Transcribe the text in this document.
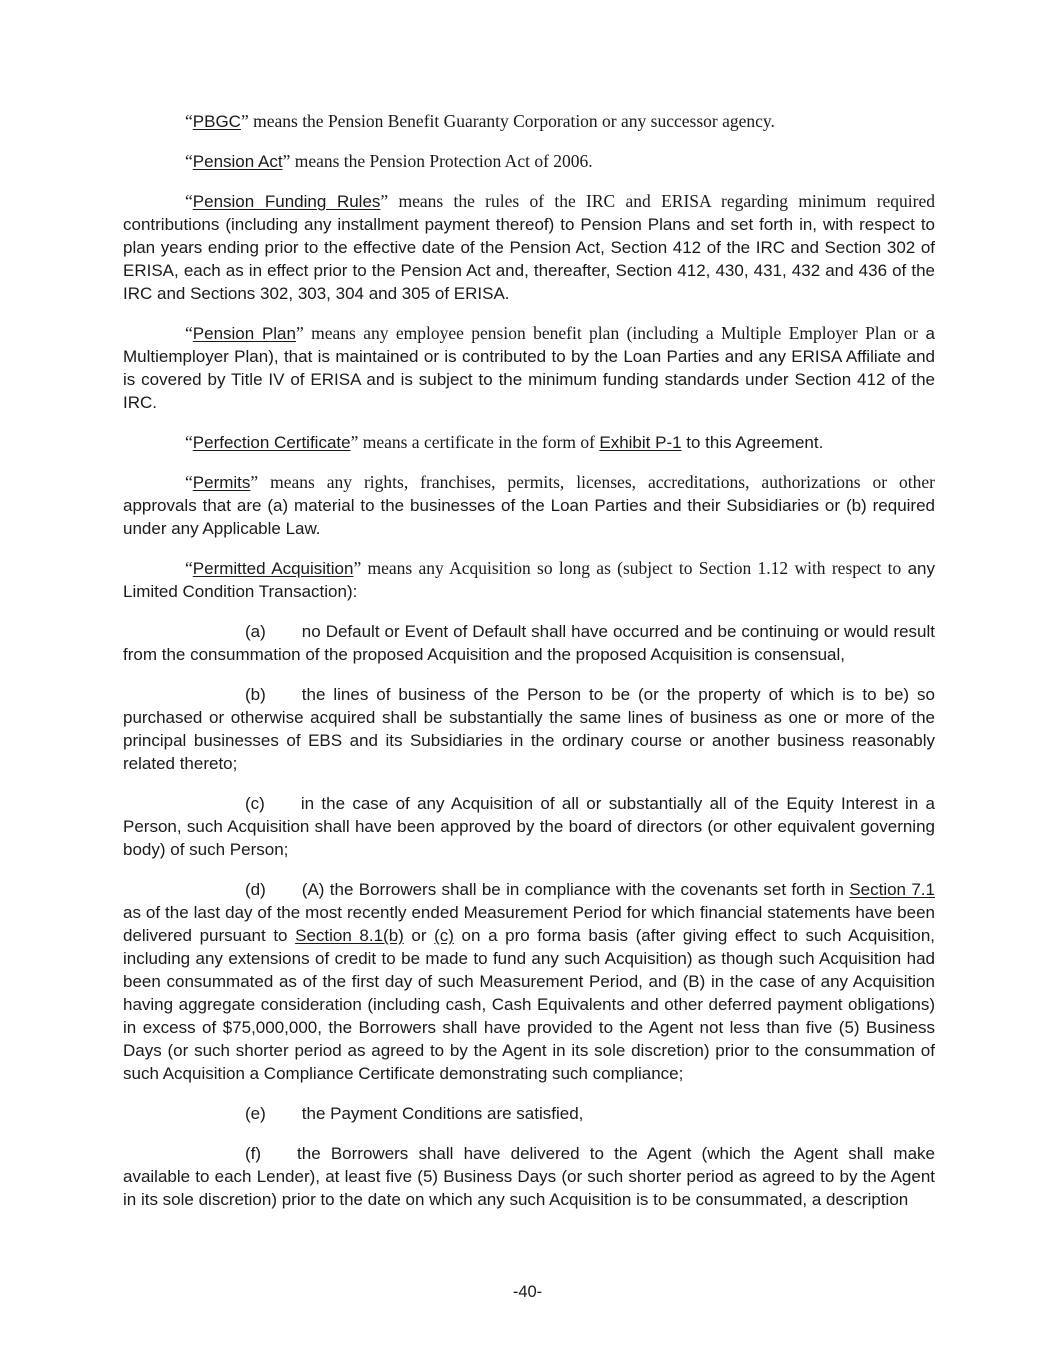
“PBGC” means the Pension Benefit Guaranty Corporation or any successor agency.

“Pension Act” means the Pension Protection Act of 2006.

“Pension Funding Rules” means the rules of the IRC and ERISA regarding minimum required contributions (including any installment payment thereof) to Pension Plans and set forth in, with respect to plan years ending prior to the effective date of the Pension Act, Section 412 of the IRC and Section 302 of ERISA, each as in effect prior to the Pension Act and, thereafter, Section 412, 430, 431, 432 and 436 of the IRC and Sections 302, 303, 304 and 305 of ERISA.

“Pension Plan” means any employee pension benefit plan (including a Multiple Employer Plan or a Multiemployer Plan), that is maintained or is contributed to by the Loan Parties and any ERISA Affiliate and is covered by Title IV of ERISA and is subject to the minimum funding standards under Section 412 of the IRC.

“Perfection Certificate” means a certificate in the form of Exhibit P-1 to this Agreement.

“Permits” means any rights, franchises, permits, licenses, accreditations, authorizations or other approvals that are (a) material to the businesses of the Loan Parties and their Subsidiaries or (b) required under any Applicable Law.

“Permitted Acquisition” means any Acquisition so long as (subject to Section 1.12 with respect to any Limited Condition Transaction):

(a) no Default or Event of Default shall have occurred and be continuing or would result from the consummation of the proposed Acquisition and the proposed Acquisition is consensual,

(b) the lines of business of the Person to be (or the property of which is to be) so purchased or otherwise acquired shall be substantially the same lines of business as one or more of the principal businesses of EBS and its Subsidiaries in the ordinary course or another business reasonably related thereto;

(c) in the case of any Acquisition of all or substantially all of the Equity Interest in a Person, such Acquisition shall have been approved by the board of directors (or other equivalent governing body) of such Person;

(d) (A) the Borrowers shall be in compliance with the covenants set forth in Section 7.1 as of the last day of the most recently ended Measurement Period for which financial statements have been delivered pursuant to Section 8.1(b) or (c) on a pro forma basis (after giving effect to such Acquisition, including any extensions of credit to be made to fund any such Acquisition) as though such Acquisition had been consummated as of the first day of such Measurement Period, and (B) in the case of any Acquisition having aggregate consideration (including cash, Cash Equivalents and other deferred payment obligations) in excess of $75,000,000, the Borrowers shall have provided to the Agent not less than five (5) Business Days (or such shorter period as agreed to by the Agent in its sole discretion) prior to the consummation of such Acquisition a Compliance Certificate demonstrating such compliance;

(e) the Payment Conditions are satisfied,

(f) the Borrowers shall have delivered to the Agent (which the Agent shall make available to each Lender), at least five (5) Business Days (or such shorter period as agreed to by the Agent in its sole discretion) prior to the date on which any such Acquisition is to be consummated, a description

-40-
